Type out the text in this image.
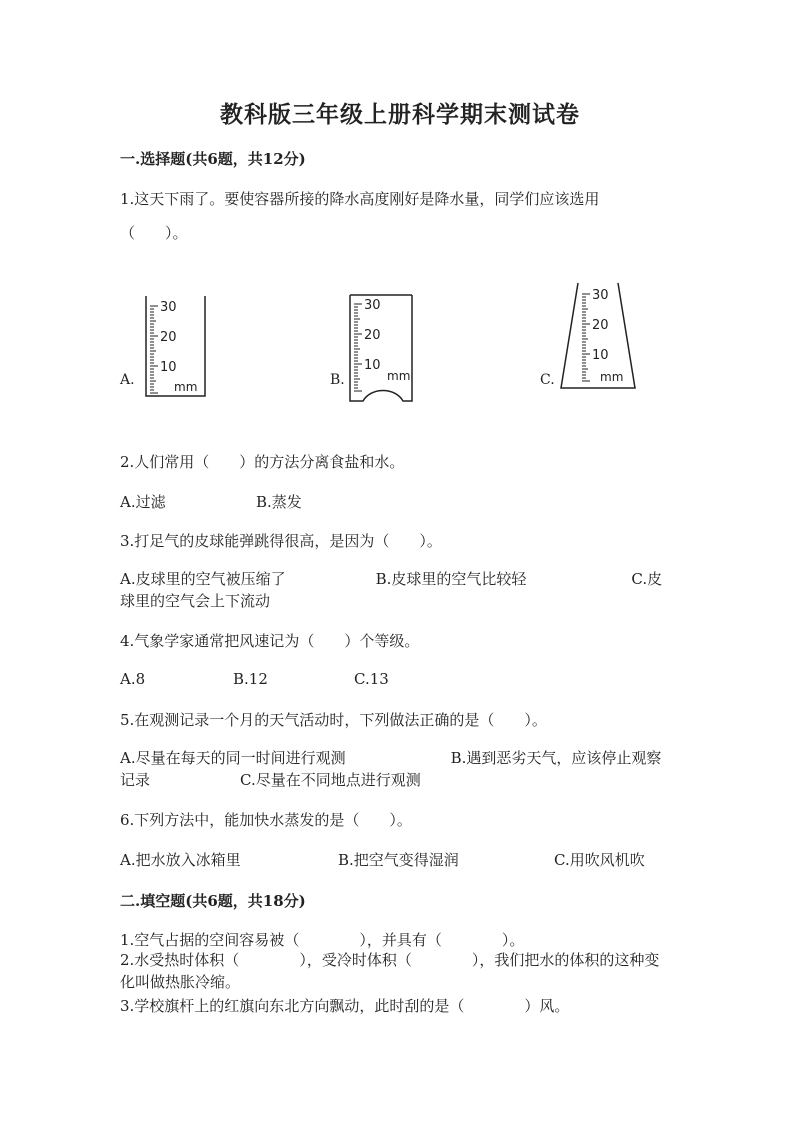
教科版三年级上册科学期末测试卷
一.选择题(共6题，共12分)
1.这天下雨了。要使容器所接的降水高度刚好是降水量，同学们应该选用
（　　）。
A.
30
20
10
mm	B.
30
20
10
mm	C.
30
20
10
mm
2.人们常用（　　）的方法分离食盐和水。
A.过滤	B.蒸发
3.打足气的皮球能弹跳得很高，是因为（　　）。
A.皮球里的空气被压缩了　　　　　　B.皮球里的空气比较轻　　　　　　　C.皮球里的空气会上下流动
4.气象学家通常把风速记为（　　）个等级。
A.8	B.12	C.13
5.在观测记录一个月的天气活动时，下列做法正确的是（　　）。
A.尽量在每天的同一时间进行观测　　　　　　　B.遇到恶劣天气，应该停止观察记录　　　　　　C.尽量在不同地点进行观测
6.下列方法中，能加快水蒸发的是（　　）。
A.把水放入冰箱里	B.把空气变得湿润	C.用吹风机吹
二.填空题(共6题，共18分)
1.空气占据的空间容易被（　　　　），并具有（　　　　）。
2.水受热时体积（　　　　），受冷时体积（　　　　），我们把水的体积的这种变化叫做热胀冷缩。
3.学校旗杆上的红旗向东北方向飘动，此时刮的是（　　　　）风。
